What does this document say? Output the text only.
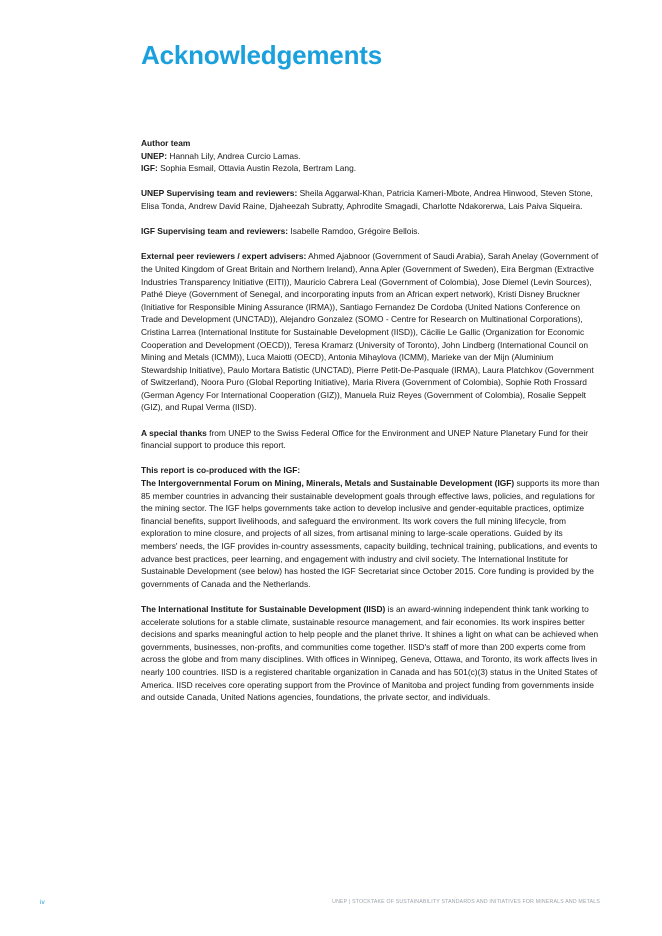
Acknowledgements

Author team
UNEP: Hannah Lily, Andrea Curcio Lamas.
IGF: Sophia Esmail, Ottavia Austin Rezola, Bertram Lang.

UNEP Supervising team and reviewers: Sheila Aggarwal-Khan, Patricia Kameri-Mbote, Andrea Hinwood, Steven Stone, Elisa Tonda, Andrew David Raine, Djaheezah Subratty, Aphrodite Smagadi, Charlotte Ndakorerwa, Lais Paiva Siqueira.

IGF Supervising team and reviewers: Isabelle Ramdoo, Grégoire Bellois.

External peer reviewers / expert advisers: Ahmed Ajabnoor (Government of Saudi Arabia), Sarah Anelay (Government of the United Kingdom of Great Britain and Northern Ireland), Anna Apler (Government of Sweden), Eira Bergman (Extractive Industries Transparency Initiative (EITI)), Mauricio Cabrera Leal (Government of Colombia), Jose Diemel (Levin Sources), Pathé Dieye (Government of Senegal, and incorporating inputs from an African expert network), Kristi Disney Bruckner (Initiative for Responsible Mining Assurance (IRMA)), Santiago Fernandez De Cordoba (United Nations Conference on Trade and Development (UNCTAD)), Alejandro Gonzalez (SOMO - Centre for Research on Multinational Corporations), Cristina Larrea (International Institute for Sustainable Development (IISD)), Cäcilie Le Gallic (Organization for Economic Cooperation and Development (OECD)), Teresa Kramarz (University of Toronto), John Lindberg (International Council on Mining and Metals (ICMM)), Luca Maiotti (OECD), Antonia Mihaylova (ICMM), Marieke van der Mijn (Aluminium Stewardship Initiative), Paulo Mortara Batistic (UNCTAD), Pierre Petit-De-Pasquale (IRMA), Laura Platchkov (Government of Switzerland), Noora Puro (Global Reporting Initiative), Maria Rivera (Government of Colombia), Sophie Roth Frossard (German Agency For International Cooperation (GIZ)), Manuela Ruiz Reyes (Government of Colombia), Rosalie Seppelt (GIZ), and Rupal Verma (IISD).

A special thanks from UNEP to the Swiss Federal Office for the Environment and UNEP Nature Planetary Fund for their financial support to produce this report.

This report is co-produced with the IGF:
The Intergovernmental Forum on Mining, Minerals, Metals and Sustainable Development (IGF) supports its more than 85 member countries in advancing their sustainable development goals through effective laws, policies, and regulations for the mining sector. The IGF helps governments take action to develop inclusive and gender-equitable practices, optimize financial benefits, support livelihoods, and safeguard the environment. Its work covers the full mining lifecycle, from exploration to mine closure, and projects of all sizes, from artisanal mining to large-scale operations. Guided by its members' needs, the IGF provides in-country assessments, capacity building, technical training, publications, and events to advance best practices, peer learning, and engagement with industry and civil society. The International Institute for Sustainable Development (see below) has hosted the IGF Secretariat since October 2015. Core funding is provided by the governments of Canada and the Netherlands.

The International Institute for Sustainable Development (IISD) is an award-winning independent think tank working to accelerate solutions for a stable climate, sustainable resource management, and fair economies. Its work inspires better decisions and sparks meaningful action to help people and the planet thrive. It shines a light on what can be achieved when governments, businesses, non-profits, and communities come together. IISD's staff of more than 200 experts come from across the globe and from many disciplines. With offices in Winnipeg, Geneva, Ottawa, and Toronto, its work affects lives in nearly 100 countries. IISD is a registered charitable organization in Canada and has 501(c)(3) status in the United States of America. IISD receives core operating support from the Province of Manitoba and project funding from governments inside and outside Canada, United Nations agencies, foundations, the private sector, and individuals.

iv	UNEP | STOCKTAKE OF SUSTAINABILITY STANDARDS AND INITIATIVES FOR MINERALS AND METALS
